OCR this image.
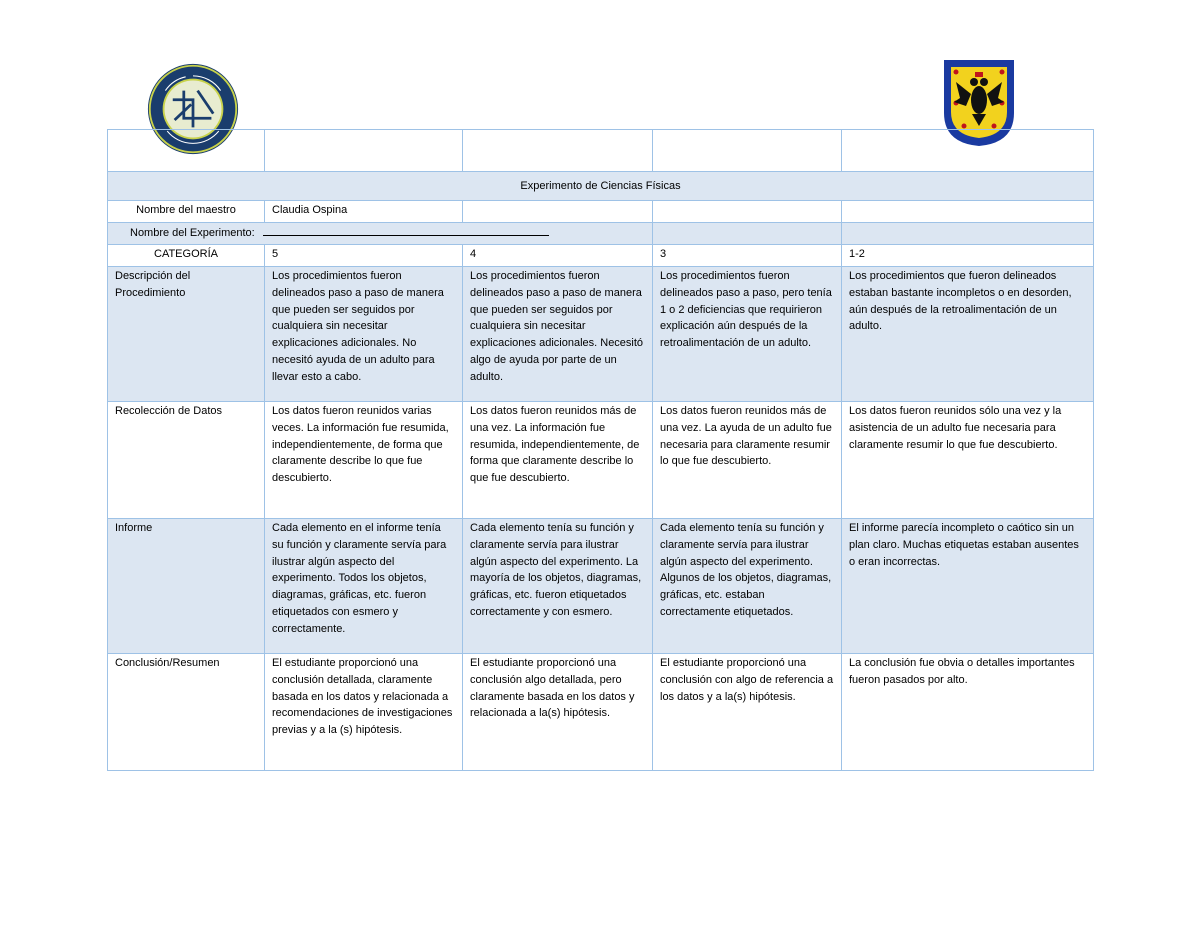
Experimento de Ciencias Físicas				
Nombre del maestro	Claudia Ospina			
Nombre del Experimento:				
CATEGORÍA	5	4	3	1-2
Descripción del Procedimiento	Los procedimientos fueron delineados paso a paso de manera que pueden ser seguidos por cualquiera sin necesitar explicaciones adicionales. No necesitó ayuda de un adulto para llevar esto a cabo.	Los procedimientos fueron delineados paso a paso de manera que pueden ser seguidos por cualquiera sin necesitar explicaciones adicionales. Necesitó algo de ayuda por parte de un adulto.	Los procedimientos fueron delineados paso a paso, pero tenía 1 o 2 deficiencias que requirieron explicación aún después de la retroalimentación de un adulto.	Los procedimientos que fueron delineados estaban bastante incompletos o en desorden, aún después de la retroalimentación de un adulto.
Recolección de Datos	Los datos fueron reunidos varias veces. La información fue resumida, independientemente, de forma que claramente describe lo que fue descubierto.	Los datos fueron reunidos más de una vez. La información fue resumida, independientemente, de forma que claramente describe lo que fue descubierto.	Los datos fueron reunidos más de una vez. La ayuda de un adulto fue necesaria para claramente resumir lo que fue descubierto.	Los datos fueron reunidos sólo una vez y la asistencia de un adulto fue necesaria para claramente resumir lo que fue descubierto.
Informe	Cada elemento en el informe tenía su función y claramente servía para ilustrar algún aspecto del experimento. Todos los objetos, diagramas, gráficas, etc. fueron etiquetados con esmero y correctamente.	Cada elemento tenía su función y claramente servía para ilustrar algún aspecto del experimento. La mayoría de los objetos, diagramas, gráficas, etc. fueron etiquetados correctamente y con esmero.	Cada elemento tenía su función y claramente servía para ilustrar algún aspecto del experimento. Algunos de los objetos, diagramas, gráficas, etc. estaban correctamente etiquetados.	El informe parecía incompleto o caótico sin un plan claro. Muchas etiquetas estaban ausentes o eran incorrectas.
Conclusión/Resumen	El estudiante proporcionó una conclusión detallada, claramente basada en los datos y relacionada a recomendaciones de investigaciones previas y a la (s) hipótesis.	El estudiante proporcionó una conclusión algo detallada, pero claramente basada en los datos y relacionada a la(s) hipótesis.	El estudiante proporcionó una conclusión con algo de referencia a los datos y a la(s) hipótesis.	La conclusión fue obvia o detalles importantes fueron pasados por alto.
